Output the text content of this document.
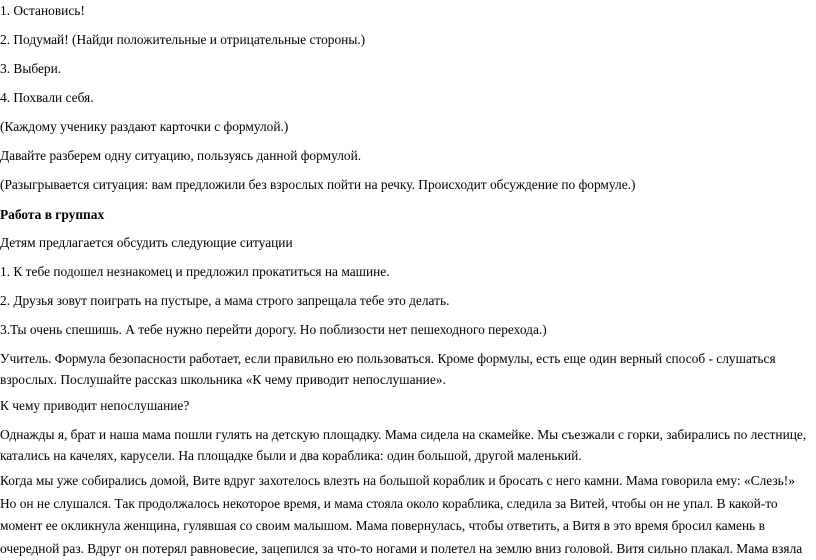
1. Остановись!

2. Подумай! (Найди положительные и отрицательные стороны.)

3. Выбери.

4. Похвали себя.

(Каждому ученику раздают карточки с формулой.)

Давайте разберем одну ситуацию, пользуясь данной формулой.

(Разыгрывается ситуация: вам предложили без взрослых пойти на речку. Происходит обсуждение по формуле.)

Работа в группах

Детям предлагается обсудить следующие ситуации

1. К тебе подошел незнакомец и предложил прокатиться на машине.

2. Друзья зовут поиграть на пустыре, а мама строго запрещала тебе это делать.

3.Ты очень спешишь. А тебе нужно перейти дорогу. Но поблизости нет пешеходного перехода.)

Учитель. Формула безопасности работает, если правильно ею пользоваться. Кроме формулы, есть еще один верный способ - слушаться взрослых. Послушайте рассказ школьника «К чему приводит непослушание».

К чему приводит непослушание?

Однажды я, брат и наша мама пошли гулять на детскую площадку. Мама сидела на скамейке. Мы съезжали с горки, забирались по лестнице, катались на качелях, карусели. На площадке были и два кораблика: один большой, другой маленький.

Когда мы уже собирались домой, Вите вдруг захотелось влезть на большой кораблик и бросать с него камни. Мама говорила ему: «Слезь!» Но он не слушался. Так продолжалось некоторое время, и мама стояла около кораблика, следила за Витей, чтобы он не упал. В какой-то момент ее окликнула женщина, гулявшая со своим малышом. Мама повернулась, чтобы ответить, а Витя в это время бросил камень в очередной раз. Вдруг он потерял равновесие, зацепился за что-то ногами и полетел на землю вниз головой. Витя сильно плакал. Мама взяла
